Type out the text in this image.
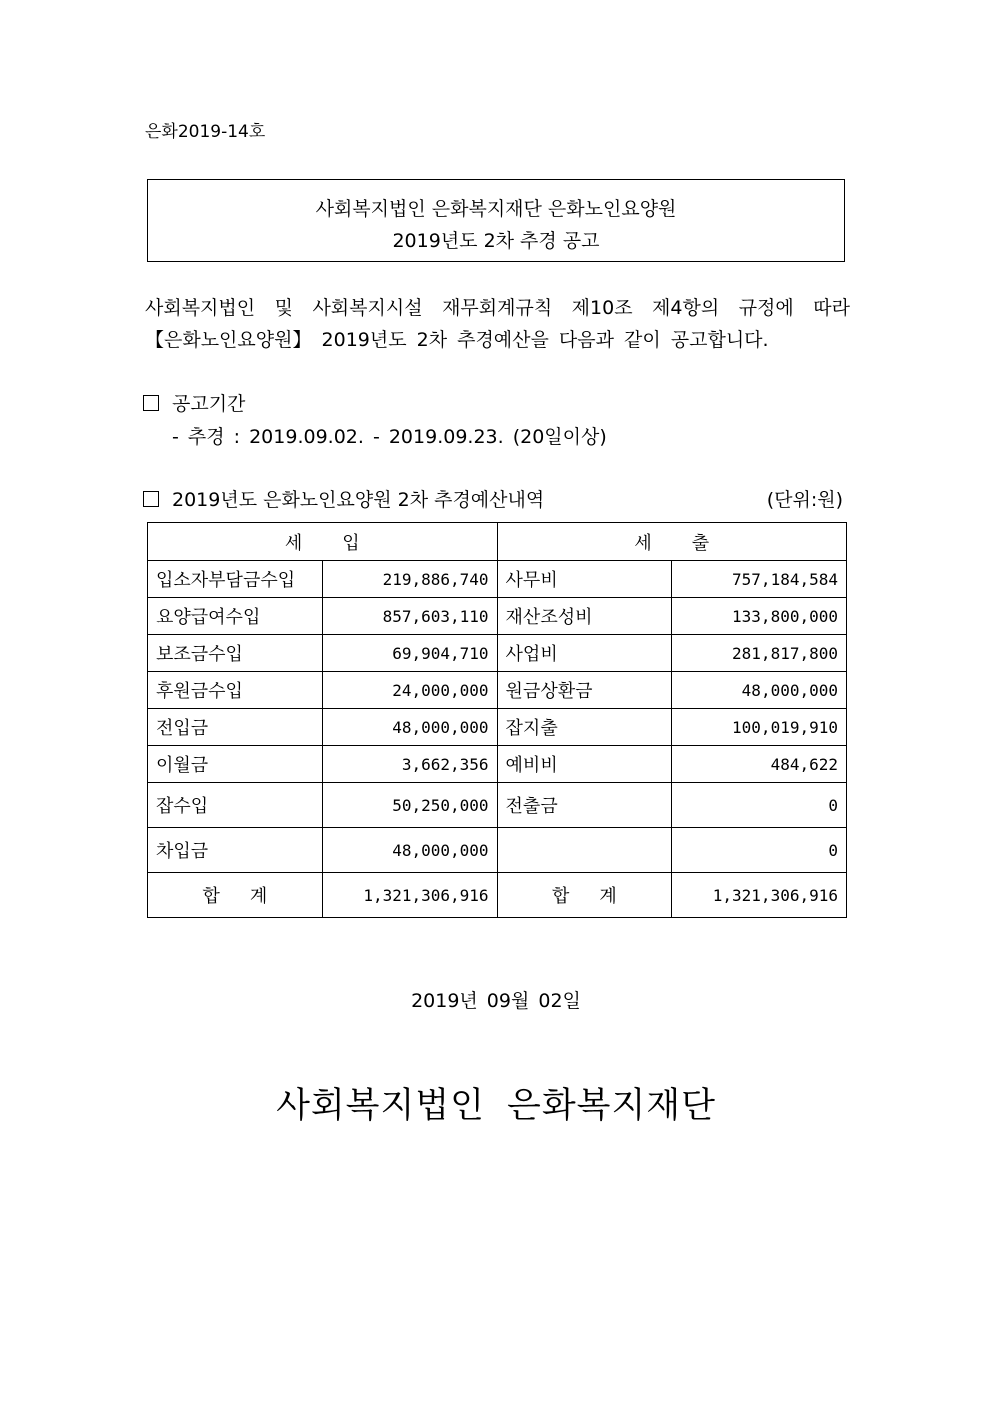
은화2019-14호
사회복지법인 은화복지재단 은화노인요양원
2019년도 2차 추경 공고
사회복지법인 및 사회복지시설 재무회계규칙 제10조 제4항의 규정에 따라
【은화노인요양원】 2019년도 2차 추경예산을 다음과 같이 공고합니다.
공고기간
- 추경 : 2019.09.02. - 2019.09.23. (20일이상)
2019년도 은화노인요양원 2차 추경예산내역	(단위:원)
세입		세출	
입소자부담금수입	219,886,740	사무비	757,184,584
요양급여수입	857,603,110	재산조성비	133,800,000
보조금수입	69,904,710	사업비	281,817,800
후원금수입	24,000,000	원금상환금	48,000,000
전입금	48,000,000	잡지출	100,019,910
이월금	3,662,356	예비비	484,622
잡수입	50,250,000	전출금	0
차입금	48,000,000		0
합계	1,321,306,916	합계	1,321,306,916
2019년 09월 02일
사회복지법인 은화복지재단
